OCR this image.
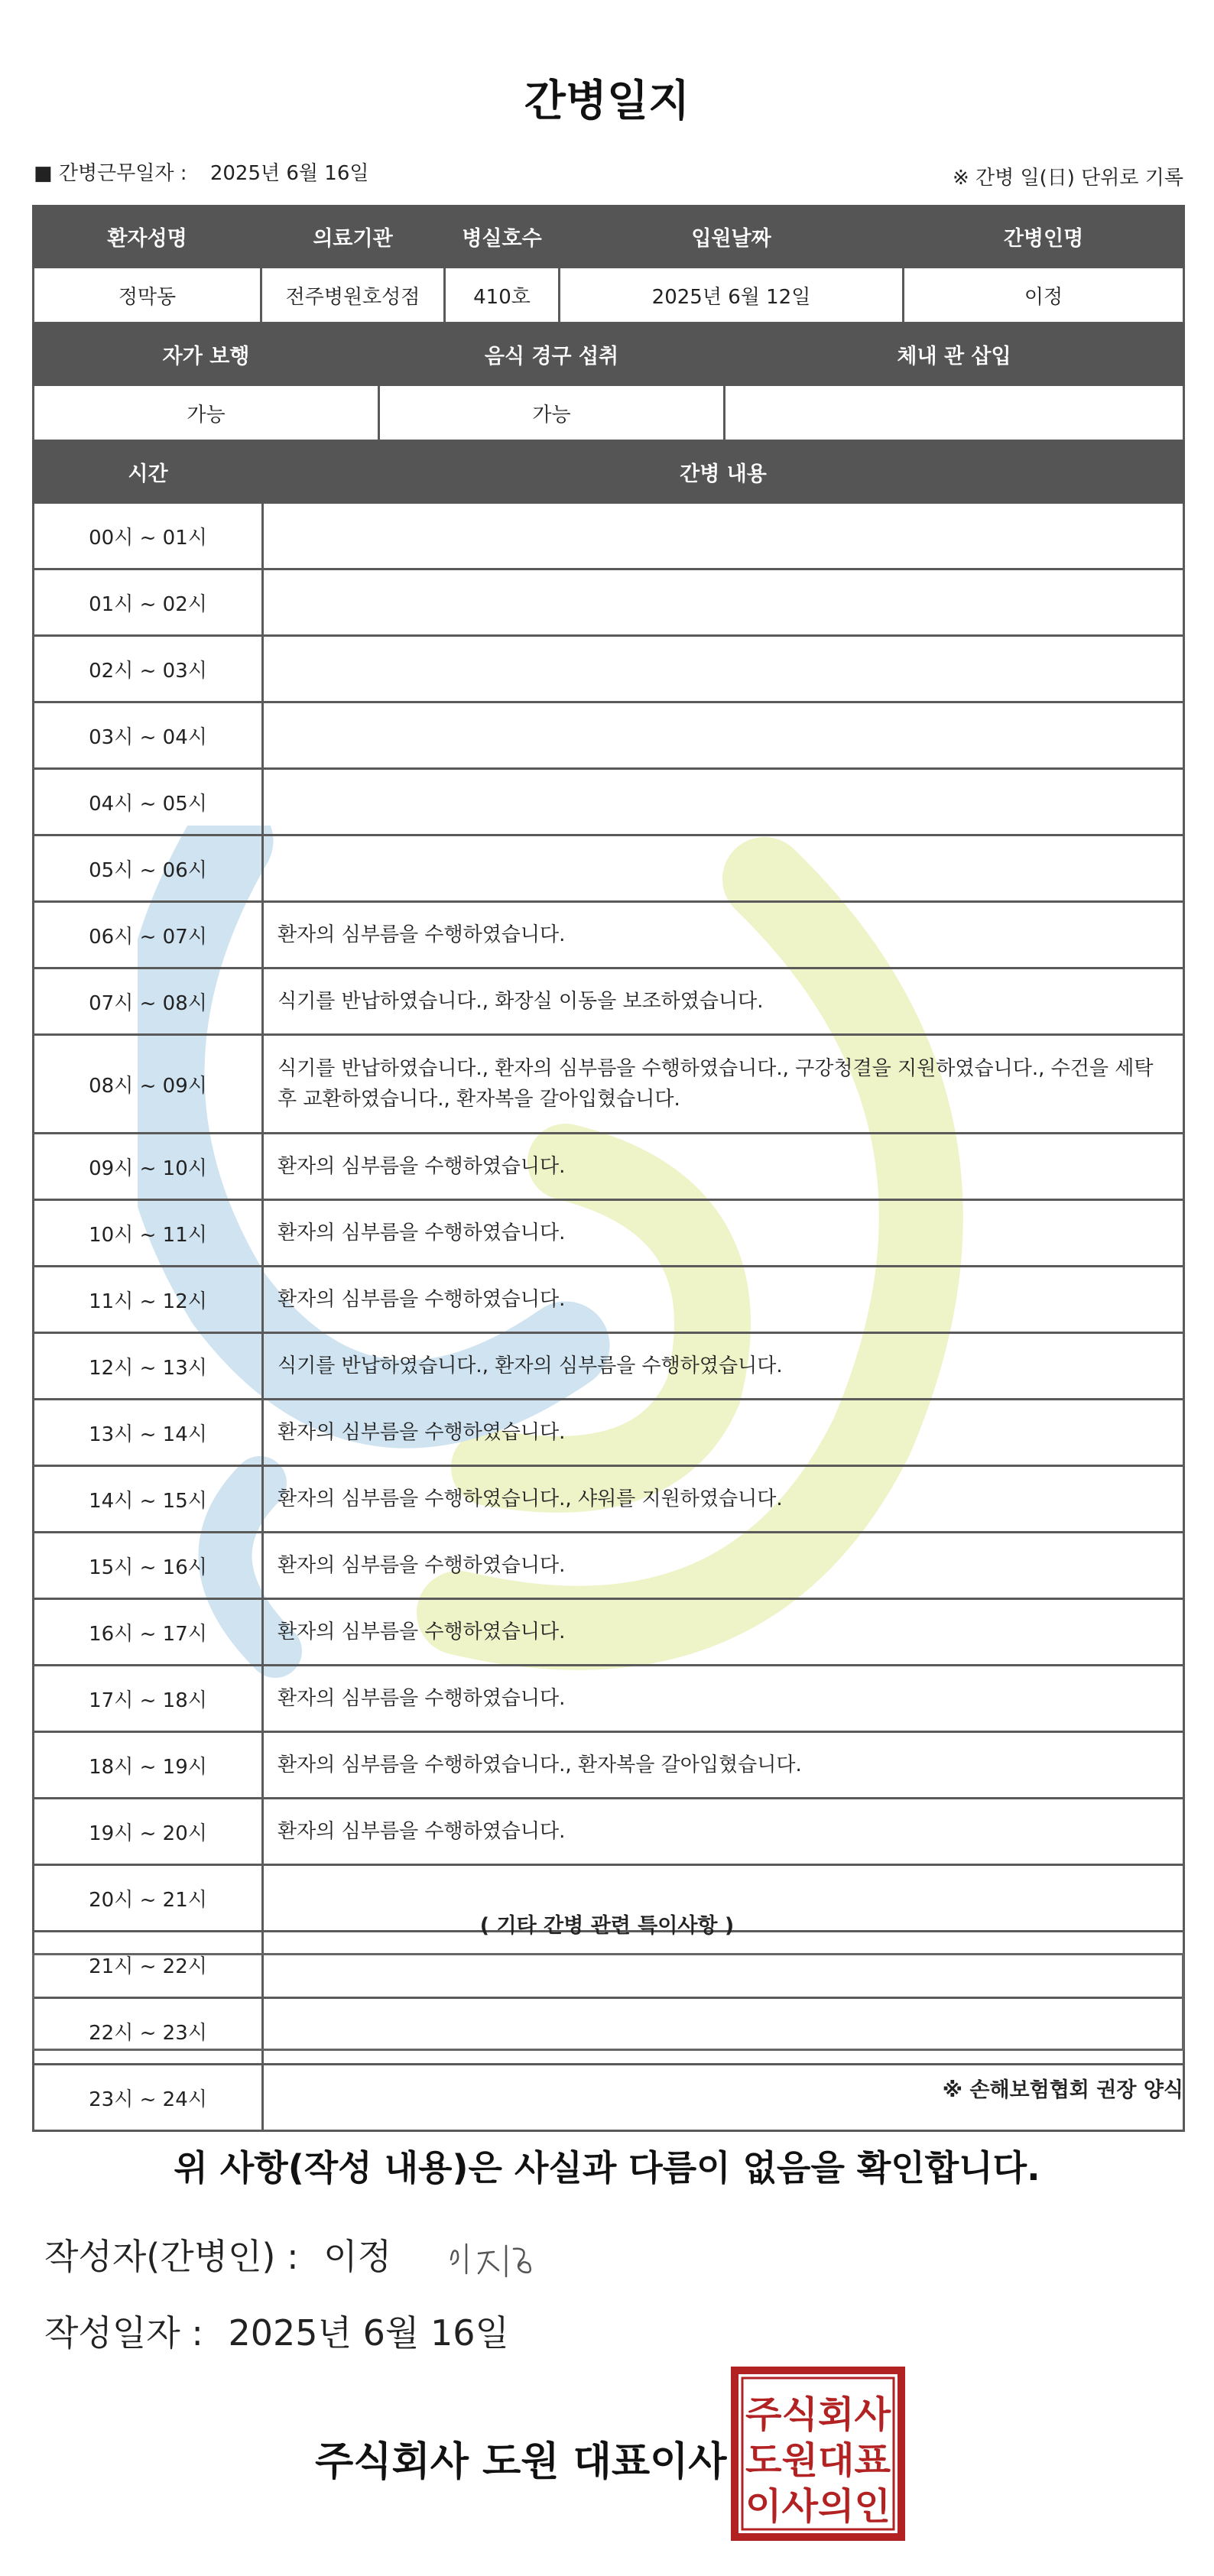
간병일지
■ 간병근무일자 : 2025년 6월 16일	※ 간병 일(日) 단위로 기록
환자성명	의료기관	병실호수	입원날짜	간병인명
정막동	전주병원호성점	410호	2025년 6월 12일	이정
자가 보행	음식 경구 섭취	체내 관 삽입
가능	가능	
시간	간병 내용
00시 ~ 01시	
01시 ~ 02시	
02시 ~ 03시	
03시 ~ 04시	
04시 ~ 05시	
05시 ~ 06시	
06시 ~ 07시	환자의 심부름을 수행하였습니다.
07시 ~ 08시	식기를 반납하였습니다., 화장실 이동을 보조하였습니다.
08시 ~ 09시	식기를 반납하였습니다., 환자의 심부름을 수행하였습니다., 구강청결을 지원하였습니다., 수건을 세탁 후 교환하였습니다., 환자복을 갈아입혔습니다.
09시 ~ 10시	환자의 심부름을 수행하였습니다.
10시 ~ 11시	환자의 심부름을 수행하였습니다.
11시 ~ 12시	환자의 심부름을 수행하였습니다.
12시 ~ 13시	식기를 반납하였습니다., 환자의 심부름을 수행하였습니다.
13시 ~ 14시	환자의 심부름을 수행하였습니다.
14시 ~ 15시	환자의 심부름을 수행하였습니다., 샤워를 지원하였습니다.
15시 ~ 16시	환자의 심부름을 수행하였습니다.
16시 ~ 17시	환자의 심부름을 수행하였습니다.
17시 ~ 18시	환자의 심부름을 수행하였습니다.
18시 ~ 19시	환자의 심부름을 수행하였습니다., 환자복을 갈아입혔습니다.
19시 ~ 20시	환자의 심부름을 수행하였습니다.
20시 ~ 21시	
21시 ~ 22시	
22시 ~ 23시	
23시 ~ 24시	
( 기타 간병 관련 특이사항 )
※ 손해보험협회 권장 양식
위 사항(작성 내용)은 사실과 다름이 없음을 확인합니다.
작성자(간병인) : 이정
작성일자 : 2025년 6월 16일
주식회사 도원 대표이사
주식회사
도원대표
이사의인
